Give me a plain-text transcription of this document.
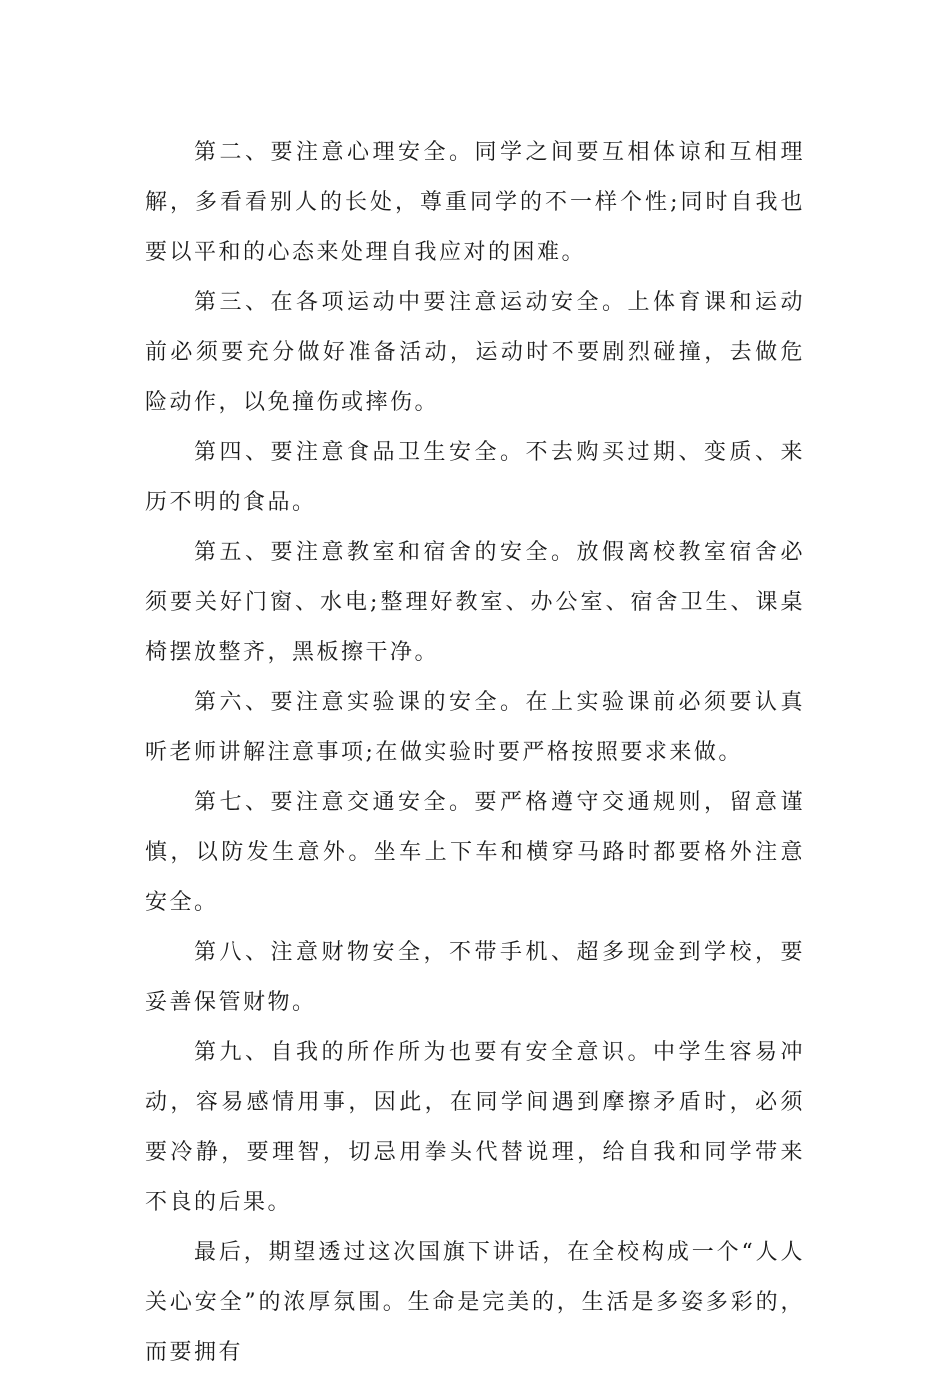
第二、要注意心理安全。同学之间要互相体谅和互相理解，多看看别人的长处，尊重同学的不一样个性;同时自我也要以平和的心态来处理自我应对的困难。

第三、在各项运动中要注意运动安全。上体育课和运动前必须要充分做好准备活动，运动时不要剧烈碰撞，去做危险动作，以免撞伤或摔伤。

第四、要注意食品卫生安全。不去购买过期、变质、来历不明的食品。

第五、要注意教室和宿舍的安全。放假离校教室宿舍必须要关好门窗、水电;整理好教室、办公室、宿舍卫生、课桌椅摆放整齐，黑板擦干净。

第六、要注意实验课的安全。在上实验课前必须要认真听老师讲解注意事项;在做实验时要严格按照要求来做。

第七、要注意交通安全。要严格遵守交通规则，留意谨慎，以防发生意外。坐车上下车和横穿马路时都要格外注意安全。

第八、注意财物安全，不带手机、超多现金到学校，要妥善保管财物。

第九、自我的所作所为也要有安全意识。中学生容易冲动，容易感情用事，因此，在同学间遇到摩擦矛盾时，必须要冷静，要理智，切忌用拳头代替说理，给自我和同学带来不良的后果。

最后，期望透过这次国旗下讲话，在全校构成一个“人人关心安全”的浓厚氛围。生命是完美的，生活是多姿多彩的，而要拥有
